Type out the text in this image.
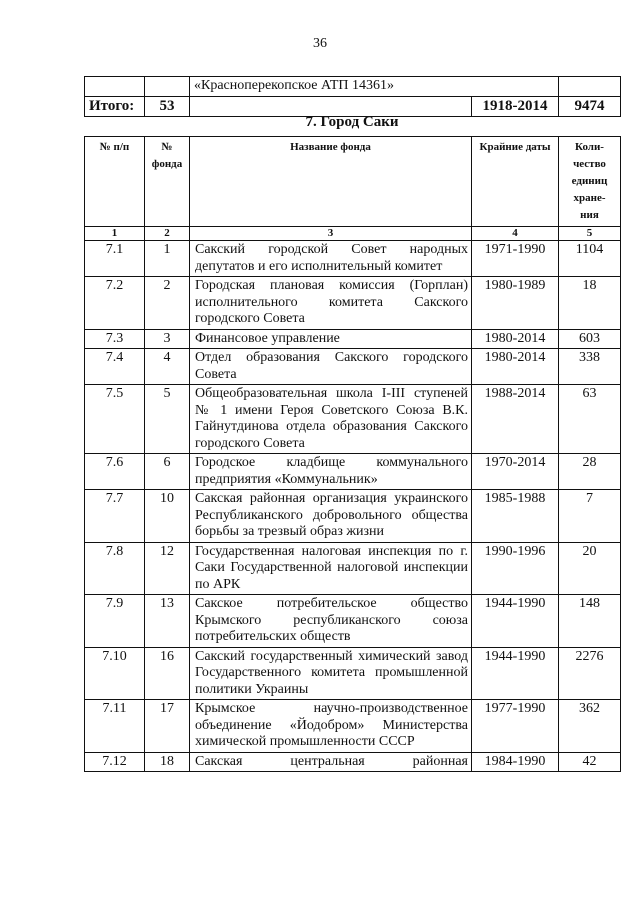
36
		«Красноперекопское АТП 14361»		
Итого:	53		1918-2014	9474
7. Город Саки
№ п/п	№ фонда	Название фонда	Крайние даты	Коли-чество единиц хране-ния
1	2	3	4	5
7.1	1	Сакский городской Совет народных депутатов и его исполнительный комитет	1971-1990	1104
7.2	2	Городская плановая комиссия (Горплан) исполнительного комитета Сакского городского Совета	1980-1989	18
7.3	3	Финансовое управление	1980-2014	603
7.4	4	Отдел образования Сакского городского Совета	1980-2014	338
7.5	5	Общеобразовательная школа I-III ступеней № 1 имени Героя Советского Союза В.К. Гайнутдинова отдела образования Сакского городского Совета	1988-2014	63
7.6	6	Городское кладбище коммунального предприятия «Коммунальник»	1970-2014	28
7.7	10	Сакская районная организация украинского Республиканского добровольного общества борьбы за трезвый образ жизни	1985-1988	7
7.8	12	Государственная налоговая инспекция по г. Саки Государственной налоговой инспекции по АРК	1990-1996	20
7.9	13	Сакское потребительское общество Крымского республиканского союза потребительских обществ	1944-1990	148
7.10	16	Сакский государственный химический завод Государственного комитета промышленной политики Украины	1944-1990	2276
7.11	17	Крымское научно-производственное объединение «Йодобром» Министерства химической промышленности СССР	1977-1990	362
7.12	18	Сакская центральная районная	1984-1990	42
